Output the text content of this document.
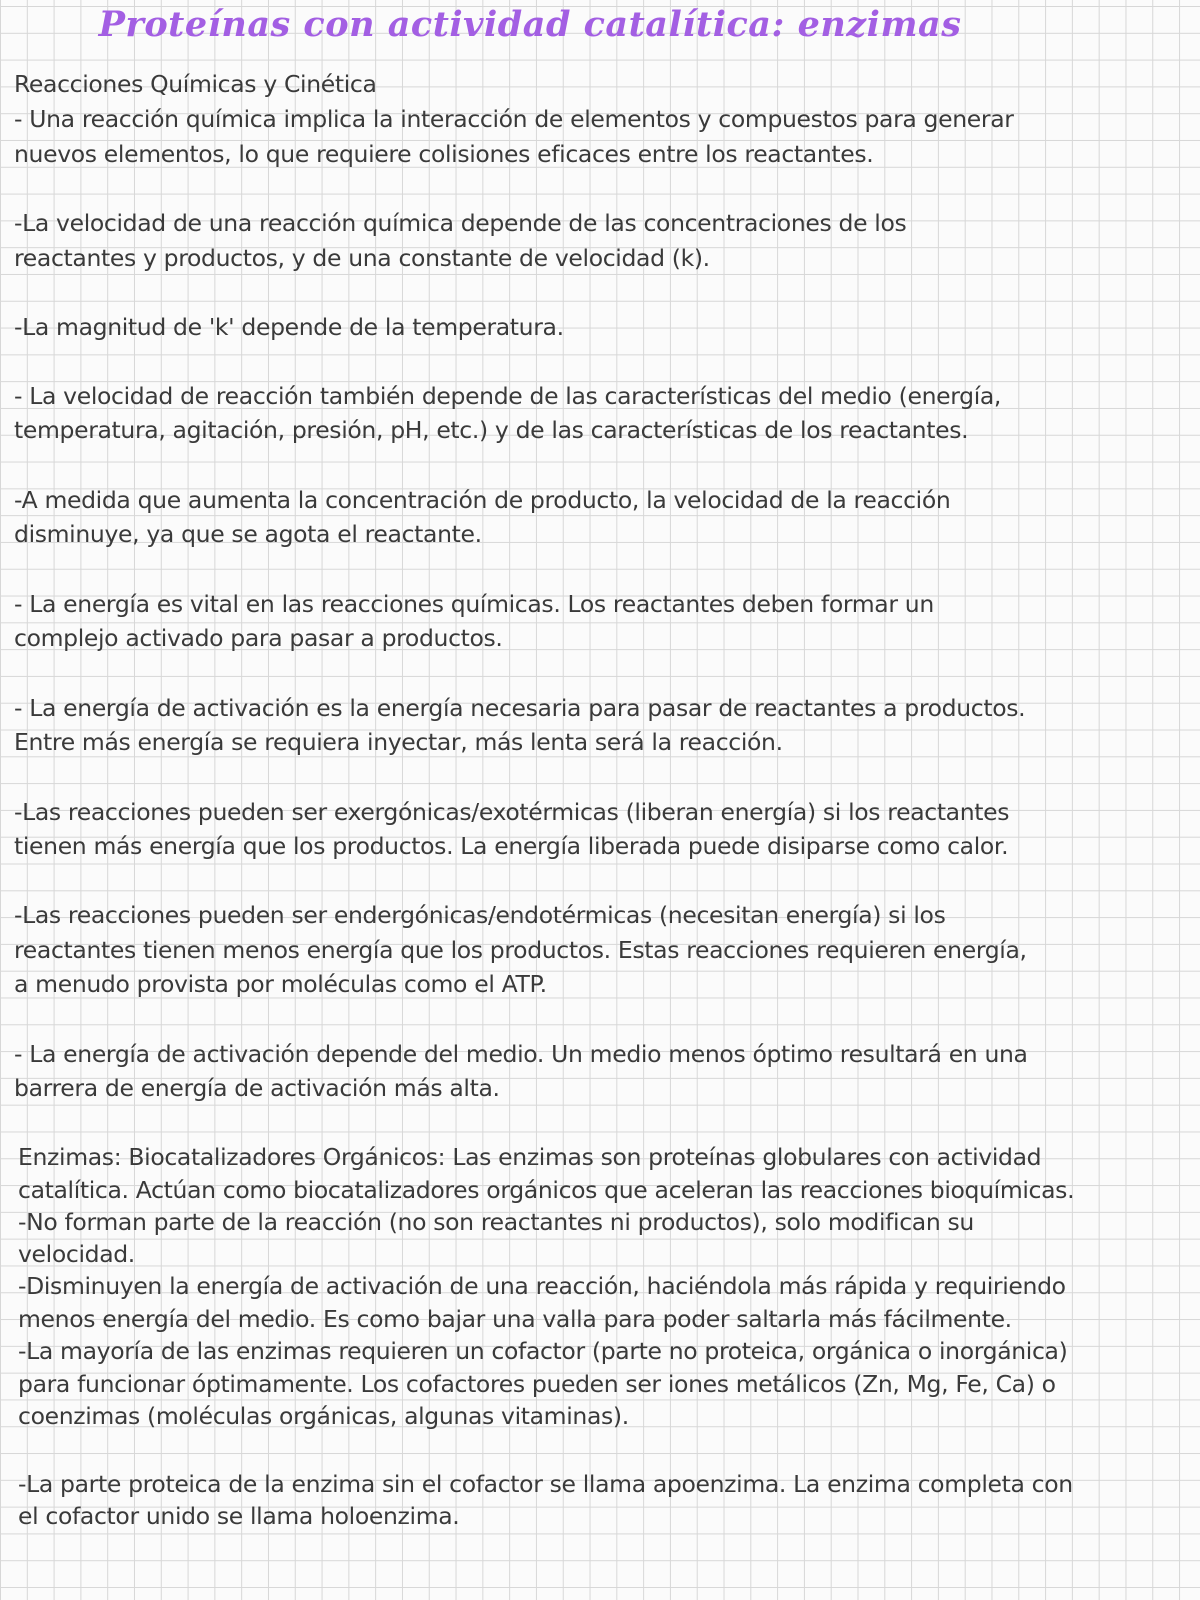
Proteínas con actividad catalítica: enzimas

Reacciones Químicas y Cinética

- Una reacción química implica la interacción de elementos y compuestos para generar

nuevos elementos, lo que requiere colisiones eficaces entre los reactantes.

-La velocidad de una reacción química depende de las concentraciones de los

reactantes y productos, y de una constante de velocidad (k).

-La magnitud de 'k' depende de la temperatura.

- La velocidad de reacción también depende de las características del medio (energía,

temperatura, agitación, presión, pH, etc.) y de las características de los reactantes.

-A medida que aumenta la concentración de producto, la velocidad de la reacción

disminuye, ya que se agota el reactante.

- La energía es vital en las reacciones químicas. Los reactantes deben formar un

complejo activado para pasar a productos.

- La energía de activación es la energía necesaria para pasar de reactantes a productos.

Entre más energía se requiera inyectar, más lenta será la reacción.

-Las reacciones pueden ser exergónicas/exotérmicas (liberan energía) si los reactantes

tienen más energía que los productos. La energía liberada puede disiparse como calor.

-Las reacciones pueden ser endergónicas/endotérmicas (necesitan energía) si los

reactantes tienen menos energía que los productos. Estas reacciones requieren energía,

a menudo provista por moléculas como el ATP.

- La energía de activación depende del medio. Un medio menos óptimo resultará en una

barrera de energía de activación más alta.

Enzimas: Biocatalizadores Orgánicos: Las enzimas son proteínas globulares con actividad

catalítica. Actúan como biocatalizadores orgánicos que aceleran las reacciones bioquímicas.

-No forman parte de la reacción (no son reactantes ni productos), solo modifican su

velocidad.

-Disminuyen la energía de activación de una reacción, haciéndola más rápida y requiriendo

menos energía del medio. Es como bajar una valla para poder saltarla más fácilmente.

-La mayoría de las enzimas requieren un cofactor (parte no proteica, orgánica o inorgánica)

para funcionar óptimamente. Los cofactores pueden ser iones metálicos (Zn, Mg, Fe, Ca) o

coenzimas (moléculas orgánicas, algunas vitaminas).

-La parte proteica de la enzima sin el cofactor se llama apoenzima. La enzima completa con

el cofactor unido se llama holoenzima.
